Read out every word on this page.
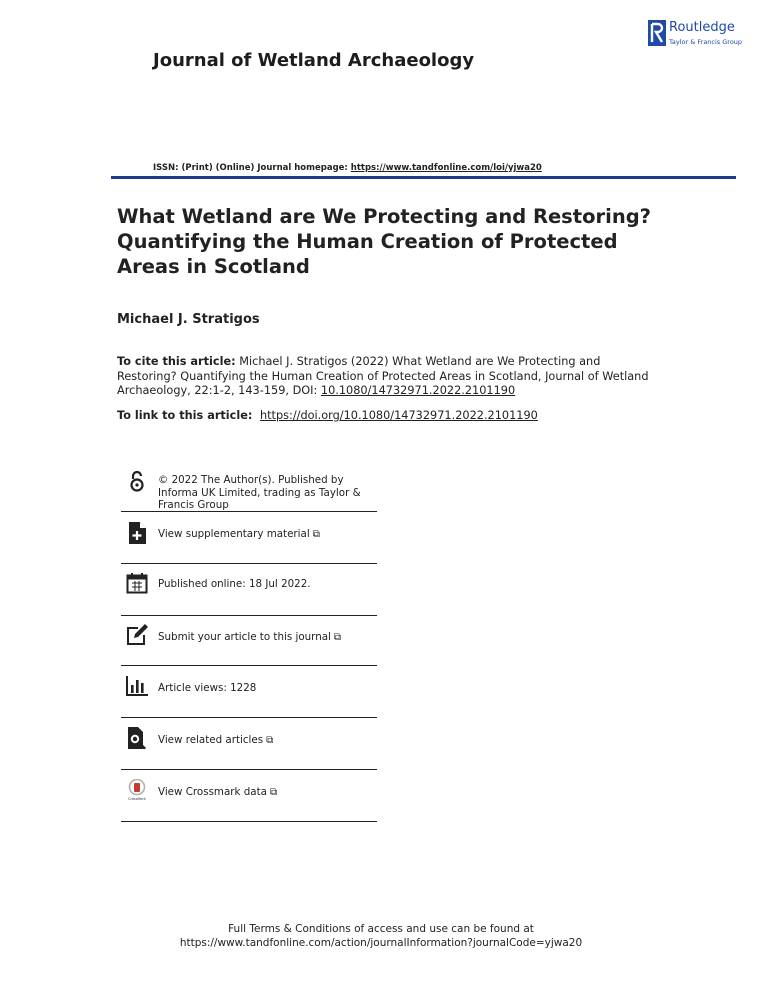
Journal of Wetland Archaeology
Routledge
Taylor & Francis Group
ISSN: (Print) (Online) Journal homepage: https://www.tandfonline.com/loi/yjwa20
What Wetland are We Protecting and Restoring? Quantifying the Human Creation of Protected Areas in Scotland
Michael J. Stratigos
To cite this article: Michael J. Stratigos (2022) What Wetland are We Protecting and Restoring? Quantifying the Human Creation of Protected Areas in Scotland, Journal of Wetland Archaeology, 22:1-2, 143-159, DOI: 10.1080/14732971.2022.2101190
To link to this article:  https://doi.org/10.1080/14732971.2022.2101190
© 2022 The Author(s). Published by Informa UK Limited, trading as Taylor & Francis Group
View supplementary material ⧉
Published online: 18 Jul 2022.
Submit your article to this journal ⧉
Article views: 1228
View related articles ⧉
CrossMark
View Crossmark data ⧉
Full Terms & Conditions of access and use can be found at
https://www.tandfonline.com/action/journalInformation?journalCode=yjwa20
